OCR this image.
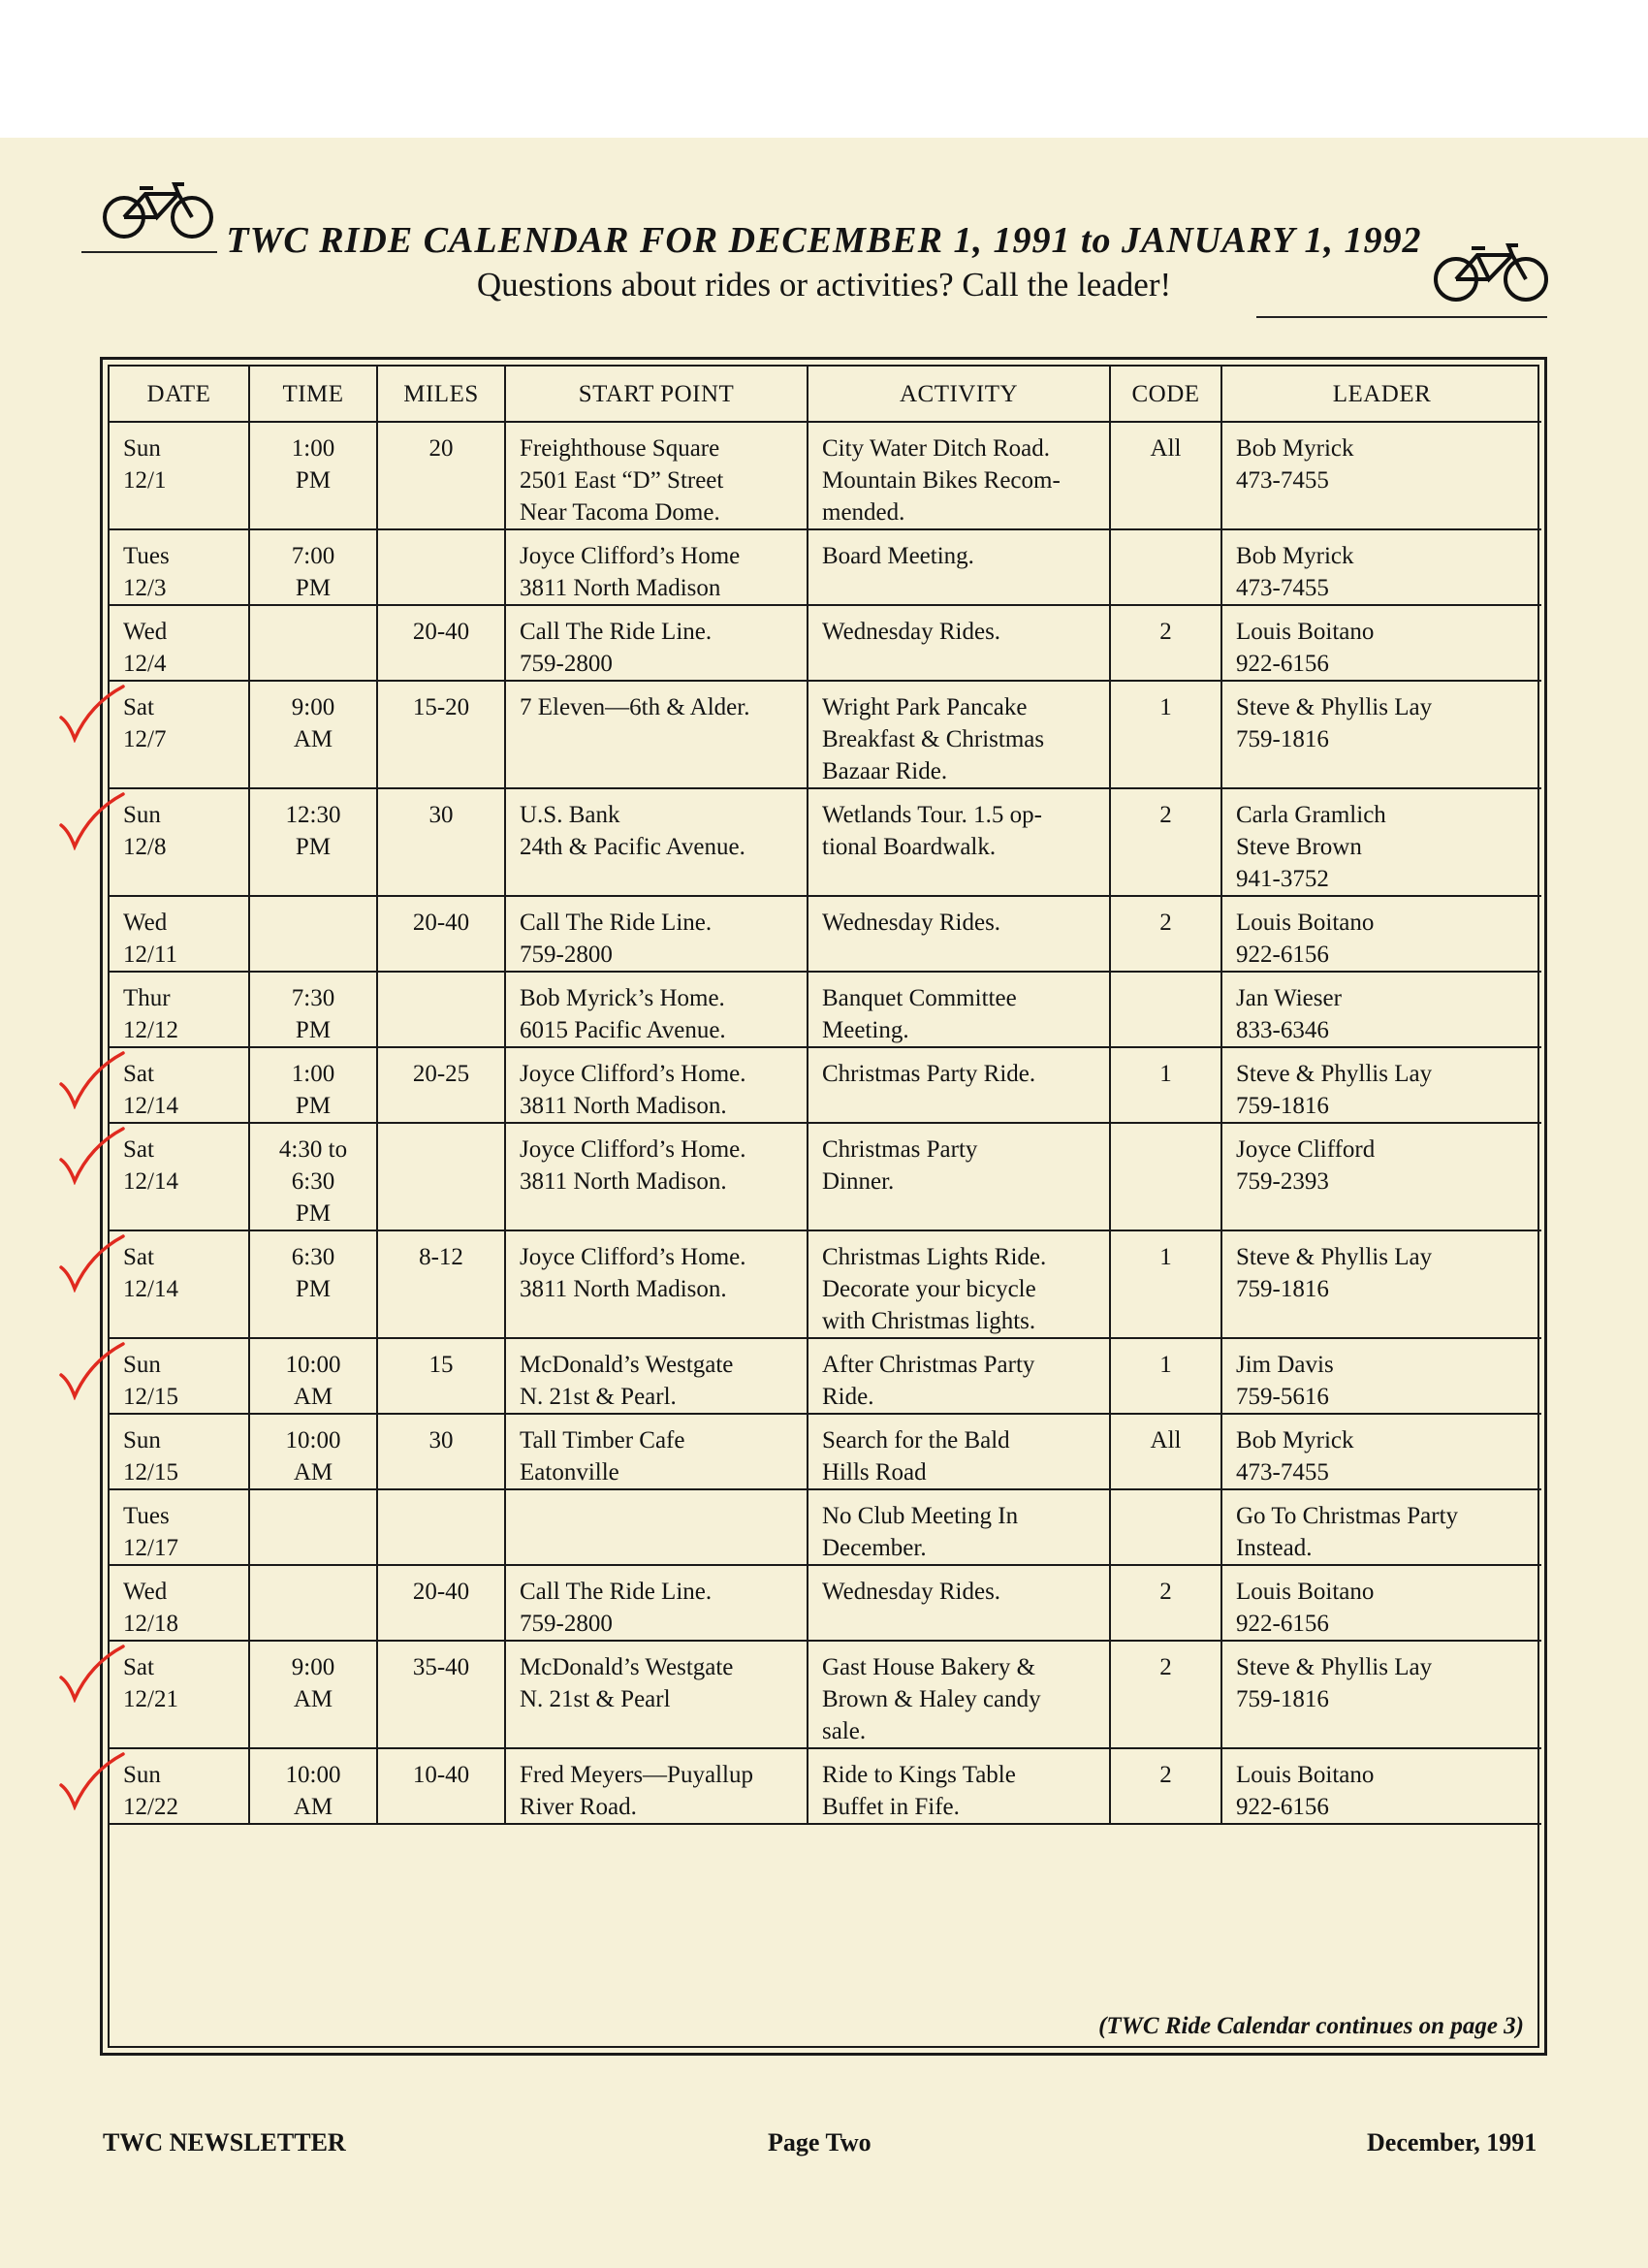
TWC RIDE CALENDAR FOR DECEMBER 1, 1991 to JANUARY 1, 1992
Questions about rides or activities? Call the leader!
DATE	TIME	MILES	START POINT	ACTIVITY	CODE	LEADER

Sun
12/1	1:00
PM	20	Freighthouse Square
2501 East “D” Street
Near Tacoma Dome.	City Water Ditch Road.
Mountain Bikes Recom-
mended.	All	Bob Myrick
473-7455

Tues
12/3	7:00
PM		Joyce Clifford’s Home
3811 North Madison	Board Meeting.		Bob Myrick
473-7455

Wed
12/4		20-40	Call The Ride Line.
759-2800	Wednesday Rides.	2	Louis Boitano
922-6156

Sat
12/7	9:00
AM	15-20	7 Eleven—6th & Alder.	Wright Park Pancake
Breakfast & Christmas
Bazaar Ride.	1	Steve & Phyllis Lay
759-1816

Sun
12/8	12:30
PM	30	U.S. Bank
24th & Pacific Avenue.	Wetlands Tour. 1.5 op-
tional Boardwalk.	2	Carla Gramlich
Steve Brown
941-3752

Wed
12/11		20-40	Call The Ride Line.
759-2800	Wednesday Rides.	2	Louis Boitano
922-6156

Thur
12/12	7:30
PM		Bob Myrick’s Home.
6015 Pacific Avenue.	Banquet Committee
Meeting.		Jan Wieser
833-6346

Sat
12/14	1:00
PM	20-25	Joyce Clifford’s Home.
3811 North Madison.	Christmas Party Ride.	1	Steve & Phyllis Lay
759-1816

Sat
12/14	4:30 to
6:30
PM		Joyce Clifford’s Home.
3811 North Madison.	Christmas Party
Dinner.		Joyce Clifford
759-2393

Sat
12/14	6:30
PM	8-12	Joyce Clifford’s Home.
3811 North Madison.	Christmas Lights Ride.
Decorate your bicycle
with Christmas lights.	1	Steve & Phyllis Lay
759-1816

Sun
12/15	10:00
AM	15	McDonald’s Westgate
N. 21st & Pearl.	After Christmas Party
Ride.	1	Jim Davis
759-5616

Sun
12/15	10:00
AM	30	Tall Timber Cafe
Eatonville	Search for the Bald
Hills Road	All	Bob Myrick
473-7455

Tues
12/17				No Club Meeting In
December.		Go To Christmas Party
Instead.

Wed
12/18		20-40	Call The Ride Line.
759-2800	Wednesday Rides.	2	Louis Boitano
922-6156

Sat
12/21	9:00
AM	35-40	McDonald’s Westgate
N. 21st & Pearl	Gast House Bakery &
Brown & Haley candy
sale.	2	Steve & Phyllis Lay
759-1816

Sun
12/22	10:00
AM	10-40	Fred Meyers—Puyallup
River Road.	Ride to Kings Table
Buffet in Fife.	2	Louis Boitano
922-6156
(TWC Ride Calendar continues on page 3)
TWC NEWSLETTER	Page Two	December, 1991
